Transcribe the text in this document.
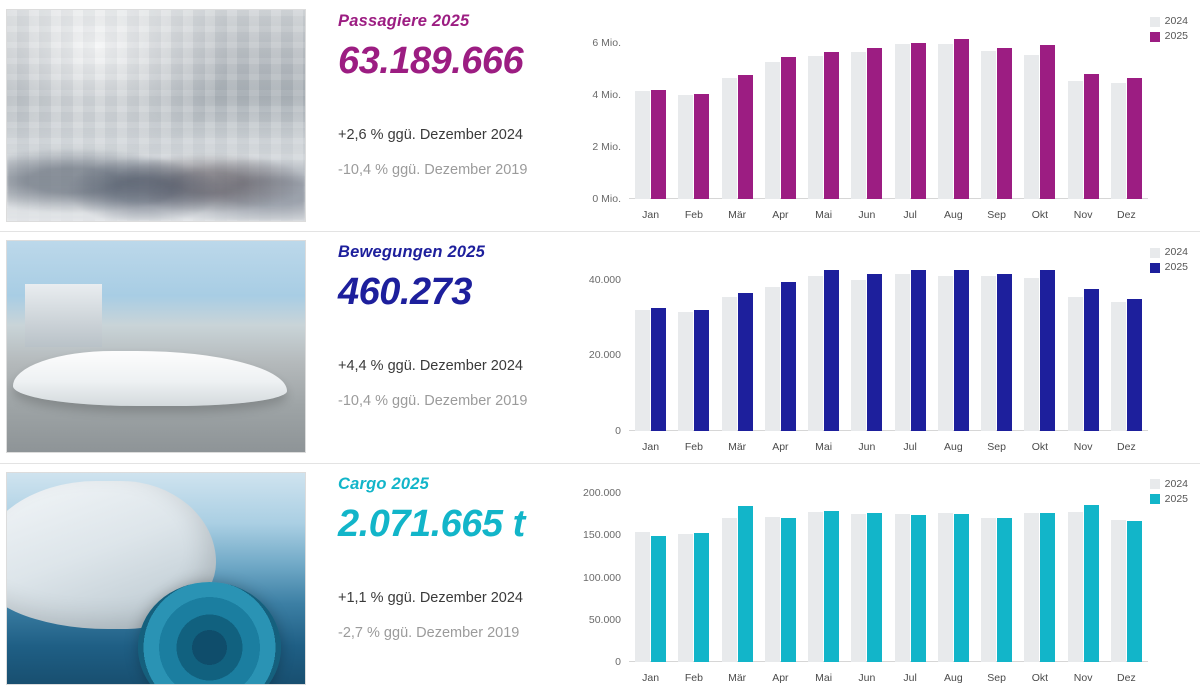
Passagiere 2025
63.189.666
+2,6 % ggü. Dezember 2024
-10,4 % ggü. Dezember 2019
2024
2025
0 Mio.
2 Mio.
4 Mio.
6 Mio.
Jan	Feb	Mär	Apr	Mai	Jun	Jul	Aug	Sep	Okt	Nov	Dez
Bewegungen 2025
460.273
+4,4 % ggü. Dezember 2024
-10,4 % ggü. Dezember 2019
2024
2025
0
20.000
40.000
Jan	Feb	Mär	Apr	Mai	Jun	Jul	Aug	Sep	Okt	Nov	Dez
Cargo 2025
2.071.665 t
+1,1 % ggü. Dezember 2024
-2,7 % ggü. Dezember 2019
2024
2025
0
50.000
100.000
150.000
200.000
Jan	Feb	Mär	Apr	Mai	Jun	Jul	Aug	Sep	Okt	Nov	Dez
